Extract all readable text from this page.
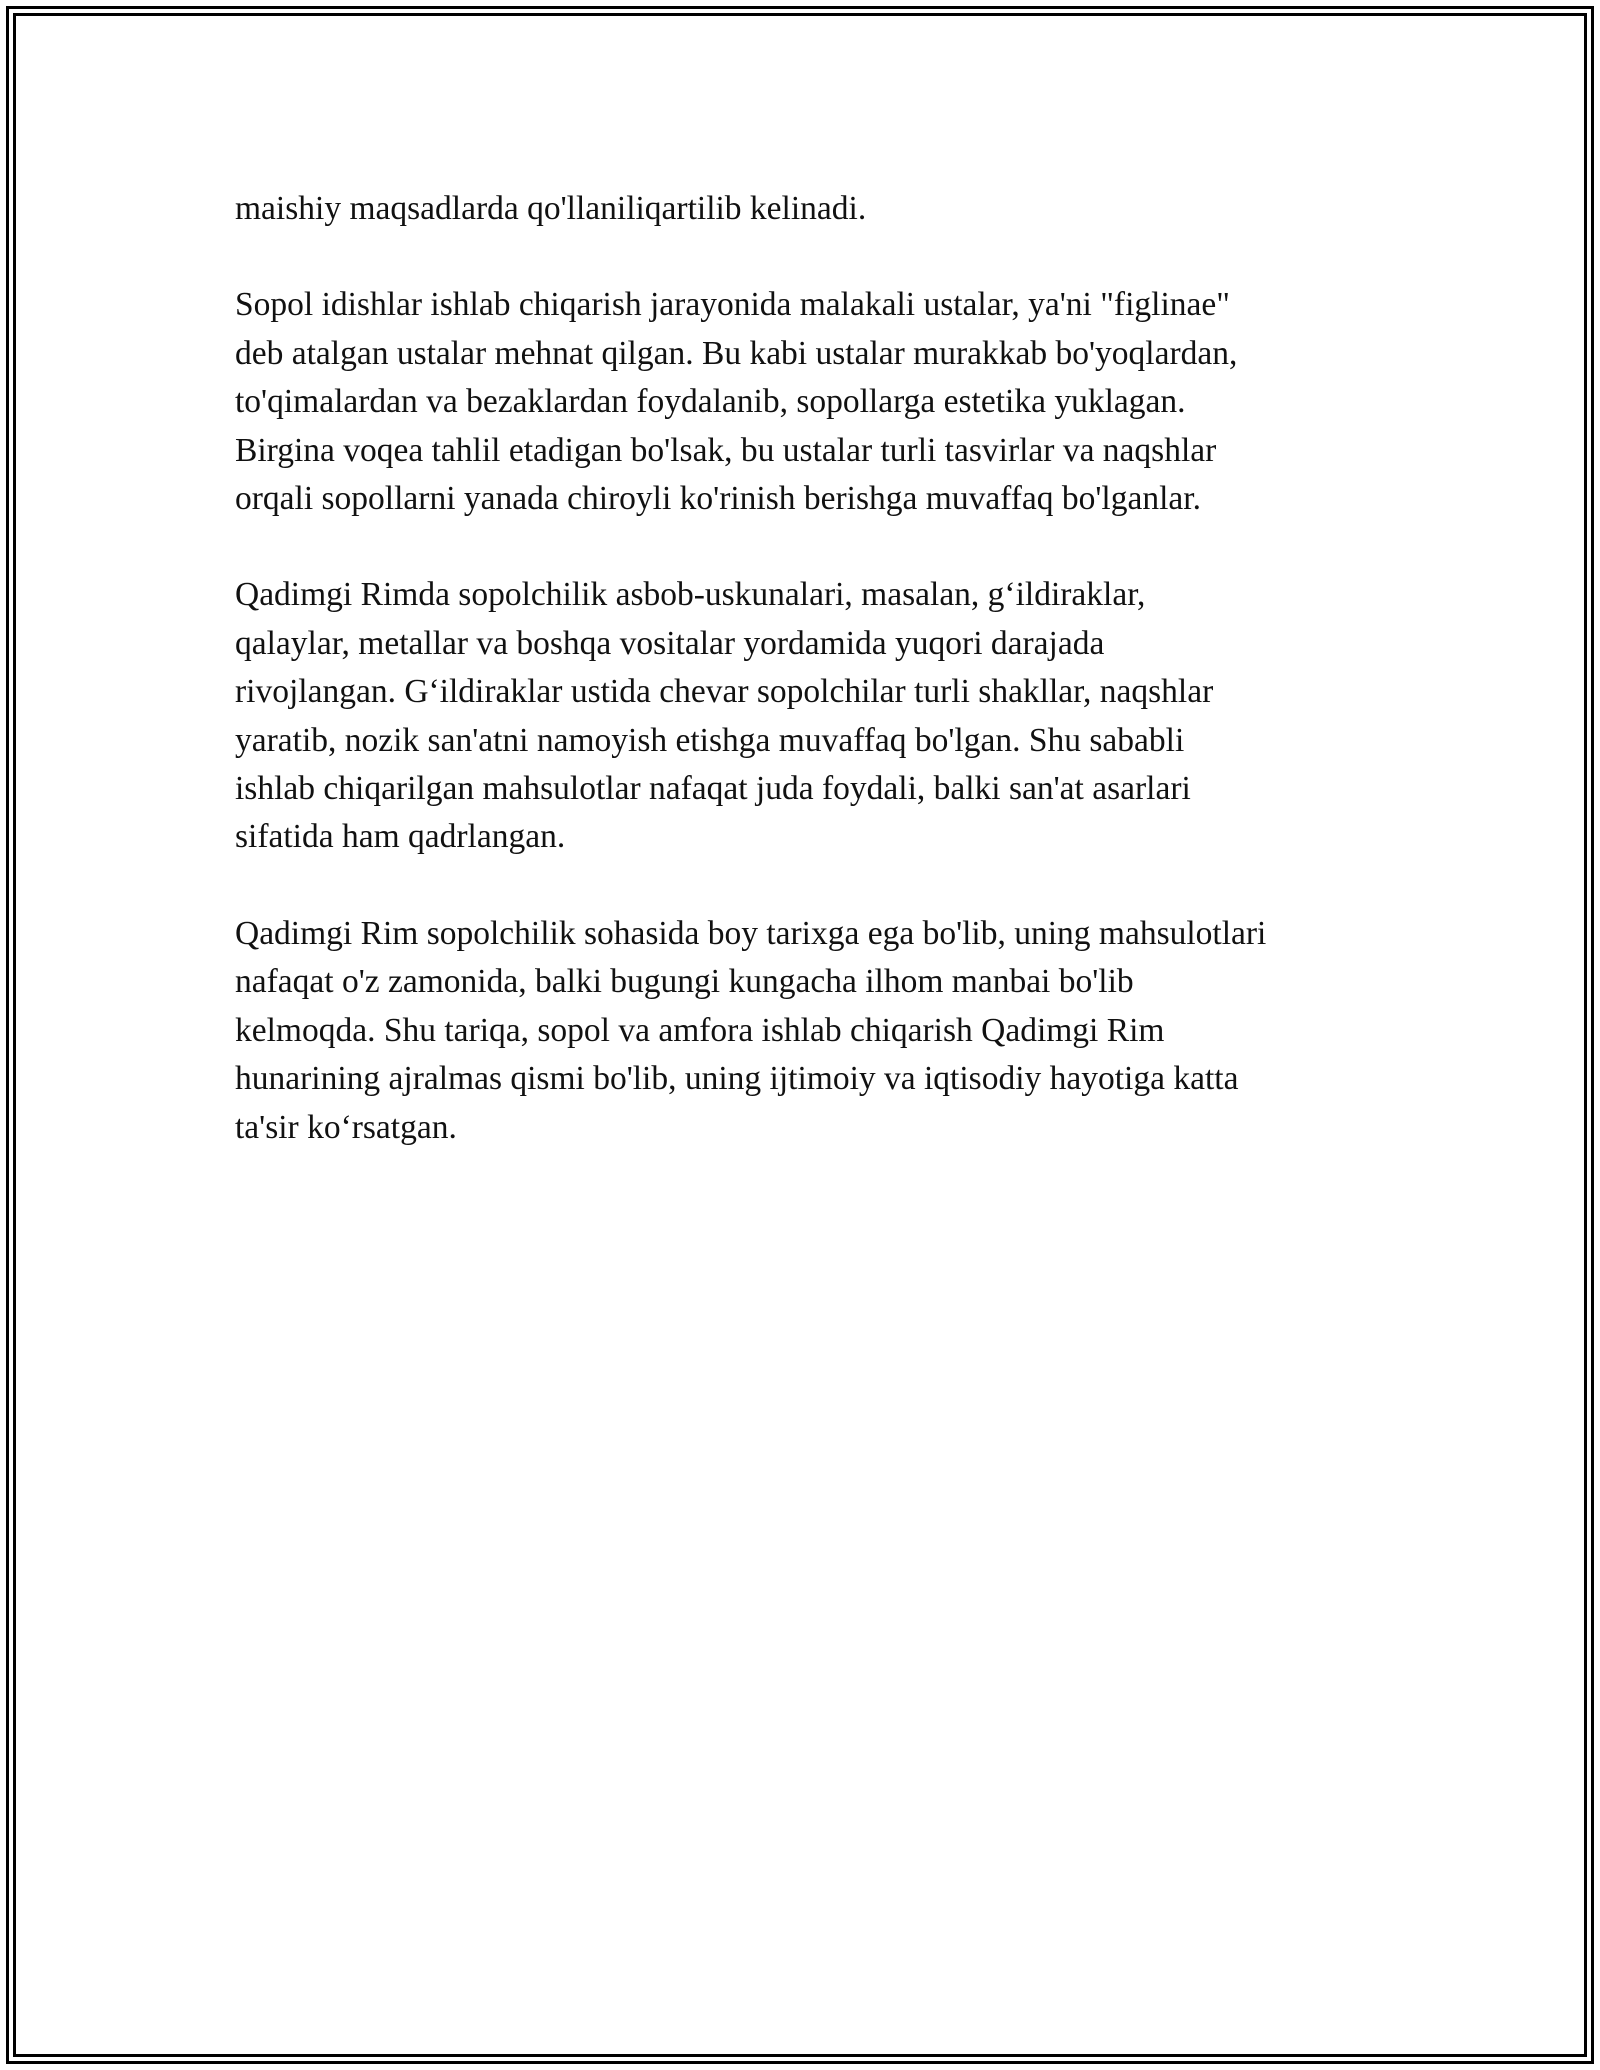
maishiy maqsadlarda qo'llaniliqartilib kelinadi.

Sopol idishlar ishlab chiqarish jarayonida malakali ustalar, ya'ni "figlinae"
deb atalgan ustalar mehnat qilgan. Bu kabi ustalar murakkab bo'yoqlardan,
to'qimalardan va bezaklardan foydalanib, sopollarga estetika yuklagan.
Birgina voqea tahlil etadigan bo'lsak, bu ustalar turli tasvirlar va naqshlar
orqali sopollarni yanada chiroyli ko'rinish berishga muvaffaq bo'lganlar.

Qadimgi Rimda sopolchilik asbob-uskunalari, masalan, g‘ildiraklar,
qalaylar, metallar va boshqa vositalar yordamida yuqori darajada
rivojlangan. G‘ildiraklar ustida chevar sopolchilar turli shakllar, naqshlar
yaratib, nozik san'atni namoyish etishga muvaffaq bo'lgan. Shu sababli
ishlab chiqarilgan mahsulotlar nafaqat juda foydali, balki san'at asarlari
sifatida ham qadrlangan.

Qadimgi Rim sopolchilik sohasida boy tarixga ega bo'lib, uning mahsulotlari
nafaqat o'z zamonida, balki bugungi kungacha ilhom manbai bo'lib
kelmoqda. Shu tariqa, sopol va amfora ishlab chiqarish Qadimgi Rim
hunarining ajralmas qismi bo'lib, uning ijtimoiy va iqtisodiy hayotiga katta
ta'sir ko‘rsatgan.
